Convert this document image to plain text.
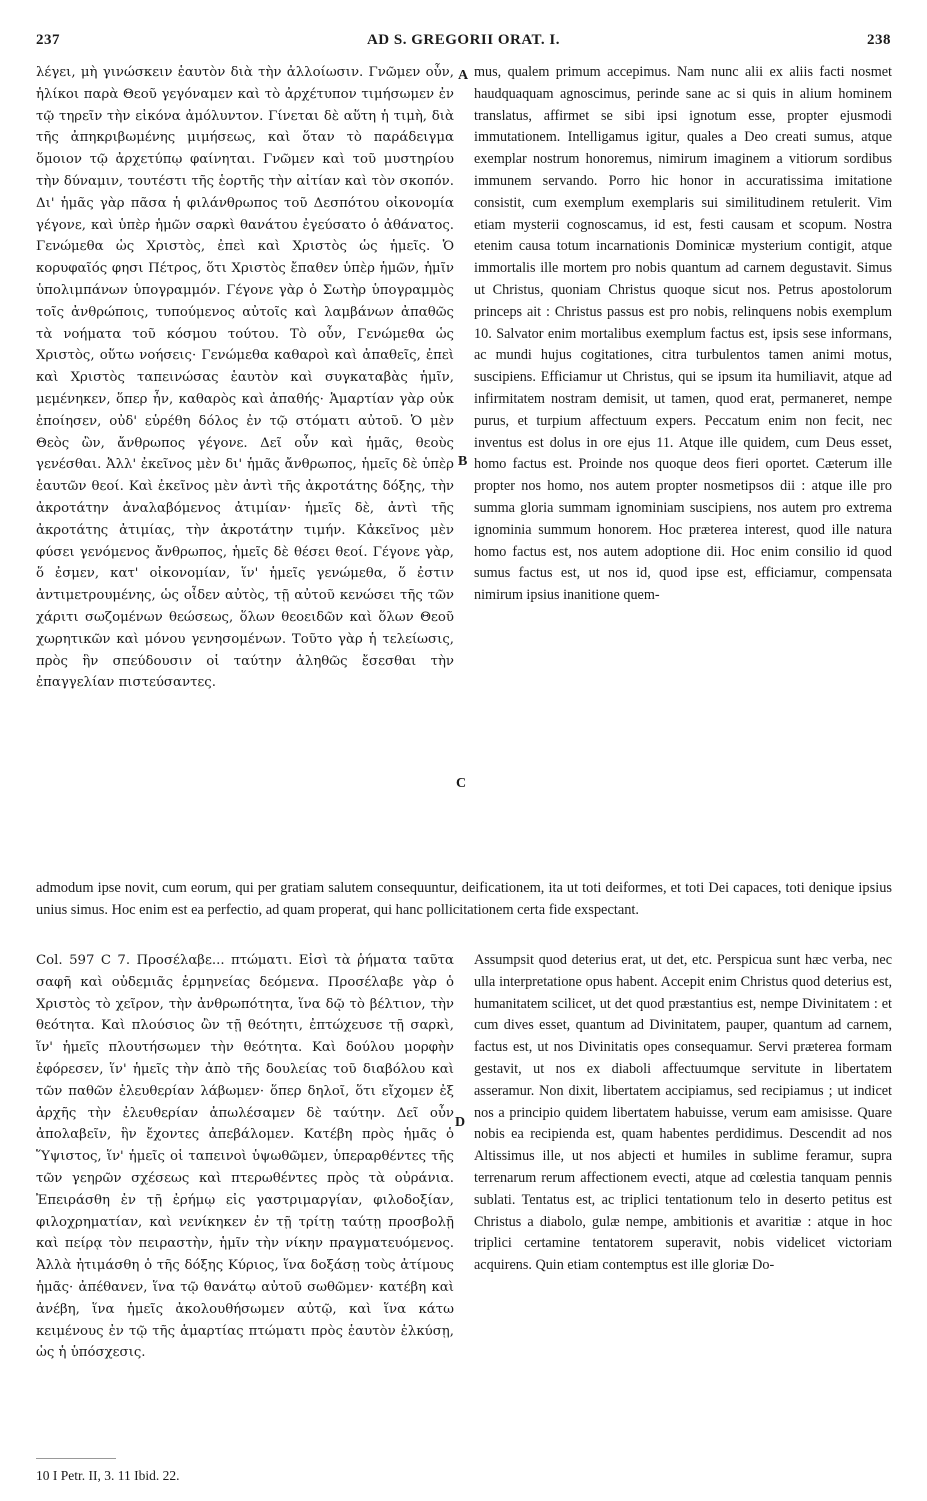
237	AD S. GREGORII ORAT. I.	238

λέγει, μὴ γινώσκειν ἑαυτὸν διὰ τὴν ἀλλοίωσιν. Γνῶμεν οὖν, ἡλίκοι παρὰ Θεοῦ γεγόναμεν καὶ τὸ ἀρχέτυπον τιμήσωμεν ἐν τῷ τηρεῖν τὴν εἰκόνα ἀμόλυντον. Γίνεται δὲ αὕτη ἡ τιμὴ, διὰ τῆς ἀπηκριβωμένης μιμήσεως, καὶ ὅταν τὸ παράδειγμα ὅμοιον τῷ ἀρχετύπῳ φαίνηται. Γνῶμεν καὶ τοῦ μυστηρίου τὴν δύναμιν, τουτέστι τῆς ἑορτῆς τὴν αἰτίαν καὶ τὸν σκοπόν. Δι' ἡμᾶς γὰρ πᾶσα ἡ φιλάνθρωπος τοῦ Δεσπότου οἰκονομία γέγονε, καὶ ὑπὲρ ἡμῶν σαρκὶ θανάτου ἐγεύσατο ὁ ἀθάνατος. Γενώμεθα ὡς Χριστὸς, ἐπεὶ καὶ Χριστὸς ὡς ἡμεῖς. Ὁ κορυφαῖός φησι Πέτρος, ὅτι Χριστὸς ἔπαθεν ὑπὲρ ἡμῶν, ἡμῖν ὑπολιμπάνων ὑπογραμμόν. Γέγονε γὰρ ὁ Σωτὴρ ὑπογραμμὸς τοῖς ἀνθρώποις, τυπούμενος αὐτοῖς καὶ λαμβάνων ἀπαθῶς τὰ νοήματα τοῦ κόσμου τούτου. Τὸ οὖν, Γενώμεθα ὡς Χριστὸς, οὕτω νοήσεις· Γενώμεθα καθαροὶ καὶ ἀπαθεῖς, ἐπεὶ καὶ Χριστὸς ταπεινώσας ἑαυτὸν καὶ συγκαταβὰς ἡμῖν, μεμένηκεν, ὅπερ ἦν, καθαρὸς καὶ ἀπαθής· Ἁμαρτίαν γὰρ οὐκ ἐποίησεν, οὐδ' εὑρέθη δόλος ἐν τῷ στόματι αὐτοῦ. Ὁ μὲν Θεὸς ὢν, ἄνθρωπος γέγονε. Δεῖ οὖν καὶ ἡμᾶς, θεοὺς γενέσθαι. Ἀλλ' ἐκεῖνος μὲν δι' ἡμᾶς ἄνθρωπος, ἡμεῖς δὲ ὑπὲρ ἑαυτῶν θεοί. Καὶ ἐκεῖνος μὲν ἀντὶ τῆς ἀκροτάτης δόξης, τὴν ἀκροτάτην ἀναλαβόμενος ἀτιμίαν· ἡμεῖς δὲ, ἀντὶ τῆς ἀκροτάτης ἀτιμίας, τὴν ἀκροτάτην τιμήν. Κἀκεῖνος μὲν φύσει γενόμενος ἄνθρωπος, ἡμεῖς δὲ θέσει θεοί. Γέγονε γὰρ, ὅ ἐσμεν, κατ' οἰκονομίαν, ἵν' ἡμεῖς γενώμεθα, ὅ ἐστιν ἀντιμετρουμένης, ὡς οἶδεν αὐτὸς, τῇ αὐτοῦ κενώσει τῆς τῶν χάριτι σωζομένων θεώσεως, ὅλων θεοειδῶν καὶ ὅλων Θεοῦ χωρητικῶν καὶ μόνου γενησομένων. Τοῦτο γὰρ ἡ τελείωσις, πρὸς ἣν σπεύδουσιν οἱ ταύτην ἀληθῶς ἔσεσθαι τὴν ἐπαγγελίαν πιστεύσαντες.

mus, qualem primum accepimus. Nam nunc alii ex aliis facti nosmet haudquaquam agnoscimus, perinde sane ac si quis in alium hominem translatus, affirmet se sibi ipsi ignotum esse, propter ejusmodi immutationem. Intelligamus igitur, quales a Deo creati sumus, atque exemplar nostrum honoremus, nimirum imaginem a vitiorum sordibus immunem servando. Porro hic honor in accuratissima imitatione consistit, cum exemplum exemplaris sui similitudinem retulerit. Vim etiam mysterii cognoscamus, id est, festi causam et scopum. Nostra etenim causa totum incarnationis Dominicæ mysterium contigit, atque immortalis ille mortem pro nobis quantum ad carnem degustavit. Simus ut Christus, quoniam Christus quoque sicut nos. Petrus apostolorum princeps ait : Christus passus est pro nobis, relinquens nobis exemplum 10. Salvator enim mortalibus exemplum factus est, ipsis sese informans, ac mundi hujus cogitationes, citra turbulentos tamen animi motus, suscipiens. Efficiamur ut Christus, qui se ipsum ita humiliavit, atque ad infirmitatem nostram demisit, ut tamen, quod erat, permaneret, nempe purus, et turpium affectuum expers. Peccatum enim non fecit, nec inventus est dolus in ore ejus 11. Atque ille quidem, cum Deus esset, homo factus est. Proinde nos quoque deos fieri oportet. Cæterum ille propter nos homo, nos autem propter nosmetipsos dii : atque ille pro summa gloria summam ignominiam suscipiens, nos autem pro extrema ignominia summum honorem. Hoc præterea interest, quod ille natura homo factus est, nos autem adoptione dii. Hoc enim consilio id quod sumus factus est, ut nos id, quod ipse est, efficiamur, compensata nimirum ipsius inanitione quem-

A
B
C
D

admodum ipse novit, cum eorum, qui per gratiam salutem consequuntur, deificationem, ita ut toti deiformes, et toti Dei capaces, toti denique ipsius unius simus. Hoc enim est ea perfectio, ad quam properat, qui hanc pollicitationem certa fide exspectant.

Col. 597 C 7. Προσέλαβε... πτώματι. Εἰσὶ τὰ ῥήματα ταῦτα σαφῆ καὶ οὐδεμιᾶς ἑρμηνείας δεόμενα. Προσέλαβε γὰρ ὁ Χριστὸς τὸ χεῖρον, τὴν ἀνθρωπότητα, ἵνα δῷ τὸ βέλτιον, τὴν θεότητα. Καὶ πλούσιος ὢν τῇ θεότητι, ἐπτώχευσε τῇ σαρκὶ, ἵν' ἡμεῖς πλουτήσωμεν τὴν θεότητα. Καὶ δούλου μορφὴν ἐφόρεσεν, ἵν' ἡμεῖς τὴν ἀπὸ τῆς δουλείας τοῦ διαβόλου καὶ τῶν παθῶν ἐλευθερίαν λάβωμεν· ὅπερ δηλοῖ, ὅτι εἴχομεν ἐξ ἀρχῆς τὴν ἐλευθερίαν ἀπωλέσαμεν δὲ ταύτην. Δεῖ οὖν ἀπολαβεῖν, ἣν ἔχοντες ἀπεβάλομεν. Κατέβη πρὸς ἡμᾶς ὁ Ὕψιστος, ἵν' ἡμεῖς οἱ ταπεινοὶ ὑψωθῶμεν, ὑπεραρθέντες τῆς τῶν γεηρῶν σχέσεως καὶ πτερωθέντες πρὸς τὰ οὐράνια. Ἐπειράσθη ἐν τῇ ἐρήμῳ εἰς γαστριμαργίαν, φιλοδοξίαν, φιλοχρηματίαν, καὶ νενίκηκεν ἐν τῇ τρίτῃ ταύτῃ προσβολῇ καὶ πείρᾳ τὸν πειραστὴν, ἡμῖν τὴν νίκην πραγματευόμενος. Ἀλλὰ ἠτιμάσθη ὁ τῆς δόξης Κύριος, ἵνα δοξάσῃ τοὺς ἀτίμους ἡμᾶς· ἀπέθανεν, ἵνα τῷ θανάτῳ αὐτοῦ σωθῶμεν· κατέβη καὶ ἀνέβη, ἵνα ἡμεῖς ἀκολουθήσωμεν αὐτῷ, καὶ ἵνα κάτω κειμένους ἐν τῷ τῆς ἁμαρτίας πτώματι πρὸς ἑαυτὸν ἑλκύσῃ, ὡς ἡ ὑπόσχεσις.

Assumpsit quod deterius erat, ut det, etc. Perspicua sunt hæc verba, nec ulla interpretatione opus habent. Accepit enim Christus quod deterius est, humanitatem scilicet, ut det quod præstantius est, nempe Divinitatem : et cum dives esset, quantum ad Divinitatem, pauper, quantum ad carnem, factus est, ut nos Divinitatis opes consequamur. Servi præterea formam gestavit, ut nos ex diaboli affectuumque servitute in libertatem asseramur. Non dixit, libertatem accipiamus, sed recipiamus ; ut indicet nos a principio quidem libertatem habuisse, verum eam amisisse. Quare nobis ea recipienda est, quam habentes perdidimus. Descendit ad nos Altissimus ille, ut nos abjecti et humiles in sublime feramur, supra terrenarum rerum affectionem evecti, atque ad cœlestia tanquam pennis sublati. Tentatus est, ac triplici tentationum telo in deserto petitus est Christus a diabolo, gulæ nempe, ambitionis et avaritiæ : atque in hoc triplici certamine tentatorem superavit, nobis videlicet victoriam acquirens. Quin etiam contemptus est ille gloriæ Do-

10 I Petr. II, 3. 11 Ibid. 22.
